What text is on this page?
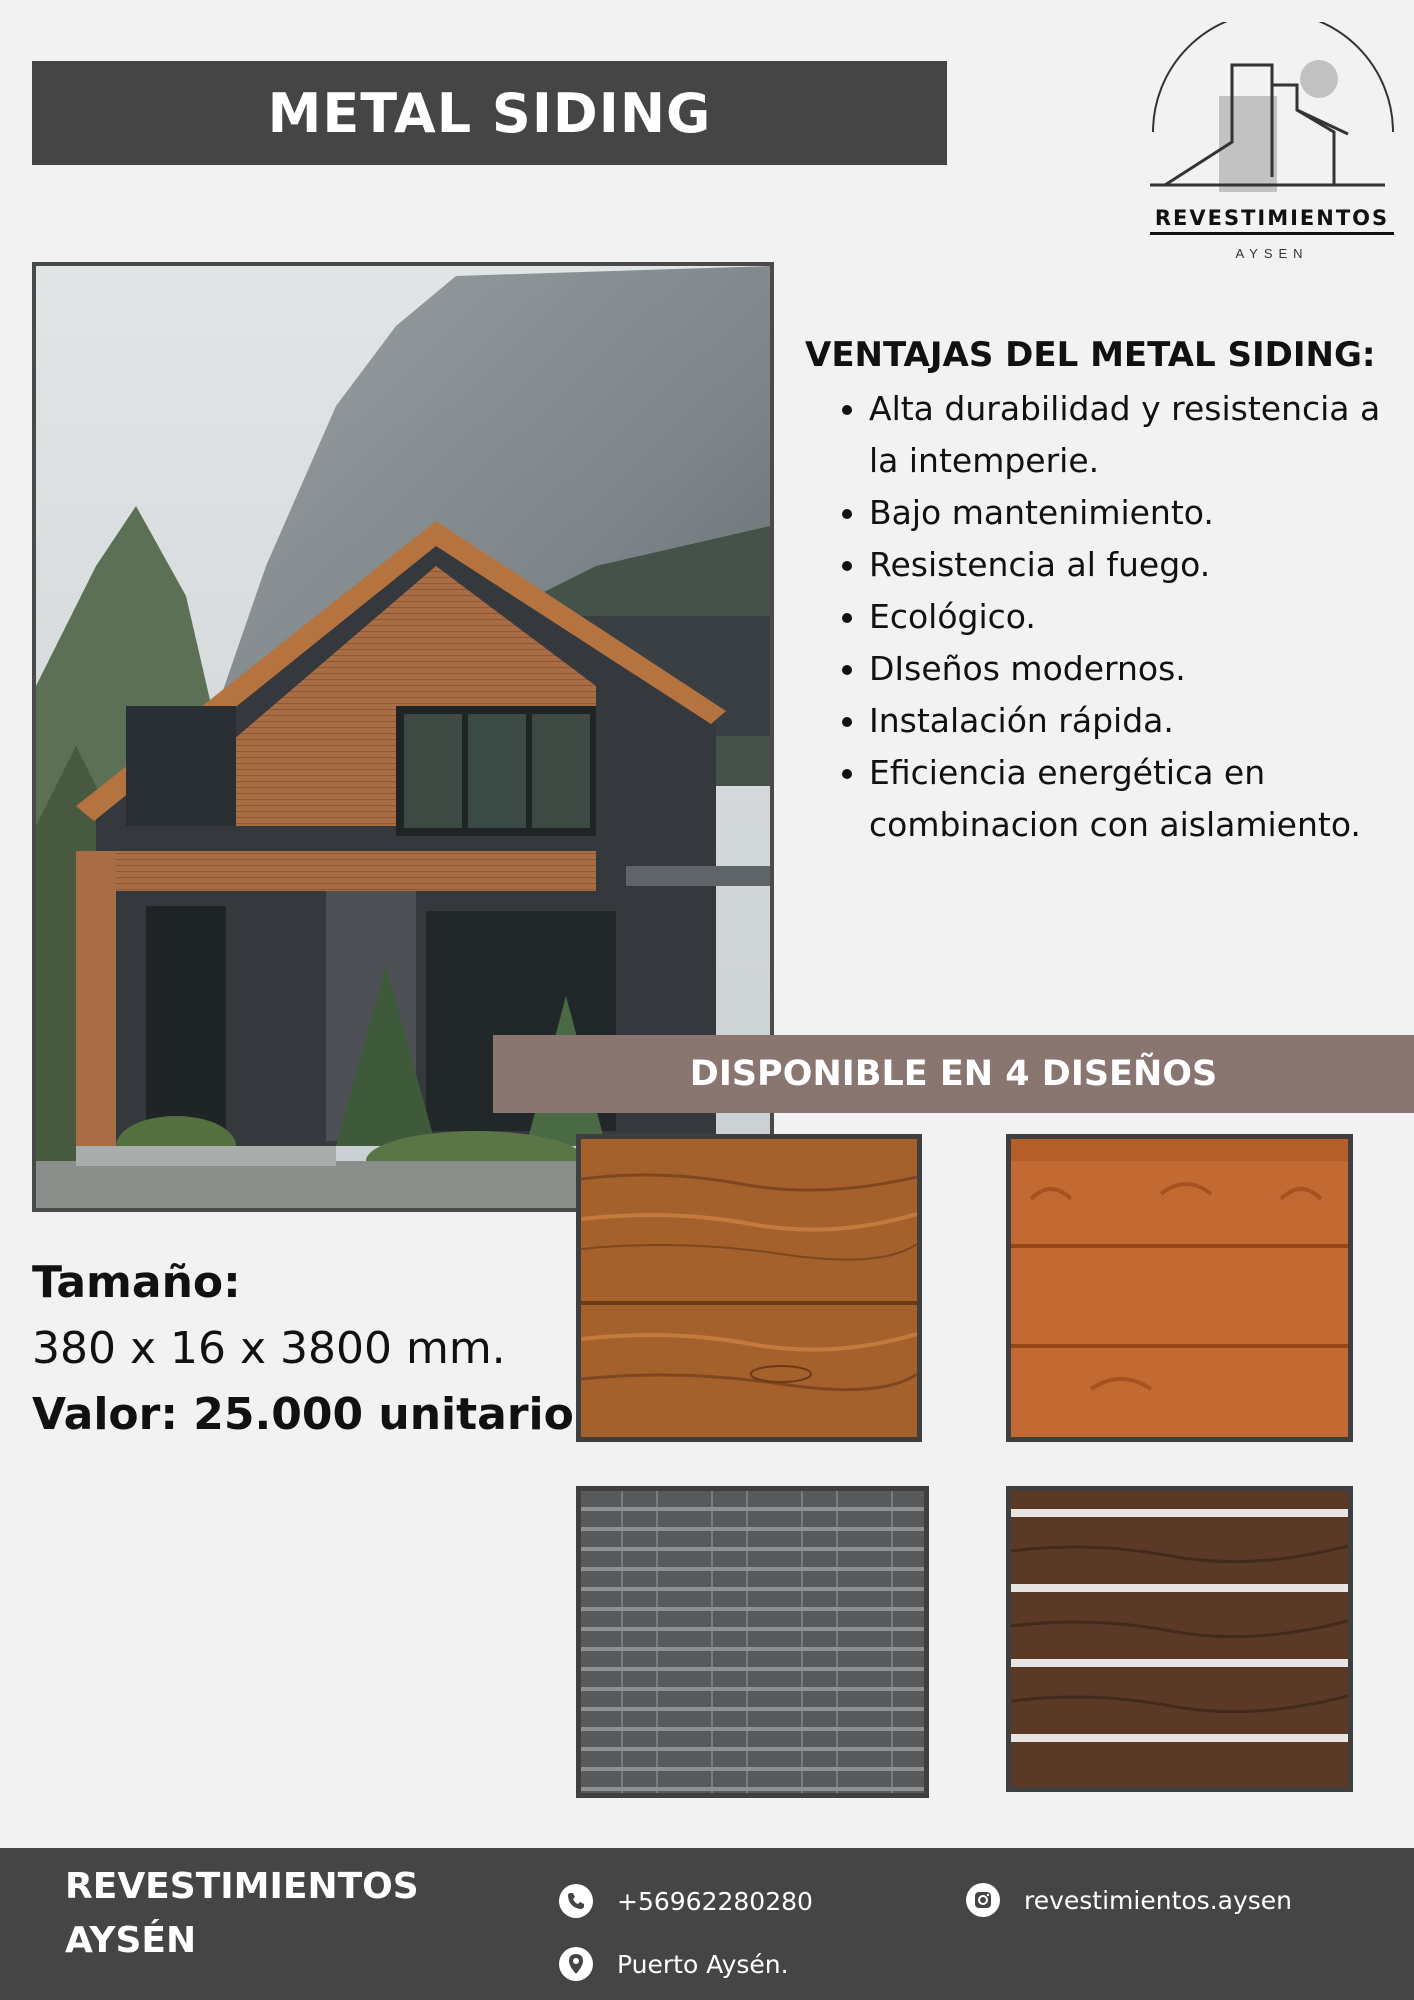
METAL SIDING
REVESTIMIENTOS
AYSEN
VENTAJAS DEL METAL SIDING:
• Alta durabilidad y resistencia a la intemperie.
• Bajo mantenimiento.
• Resistencia al fuego.
• Ecológico.
• DIseños modernos.
• Instalación rápida.
• Eficiencia energética en combinacion con aislamiento.
DISPONIBLE EN 4 DISEÑOS
Tamaño:
380 x 16 x 3800 mm.
Valor: 25.000 unitario
REVESTIMIENTOS
AYSÉN
+56962280280
Puerto Aysén.
revestimientos.aysen
